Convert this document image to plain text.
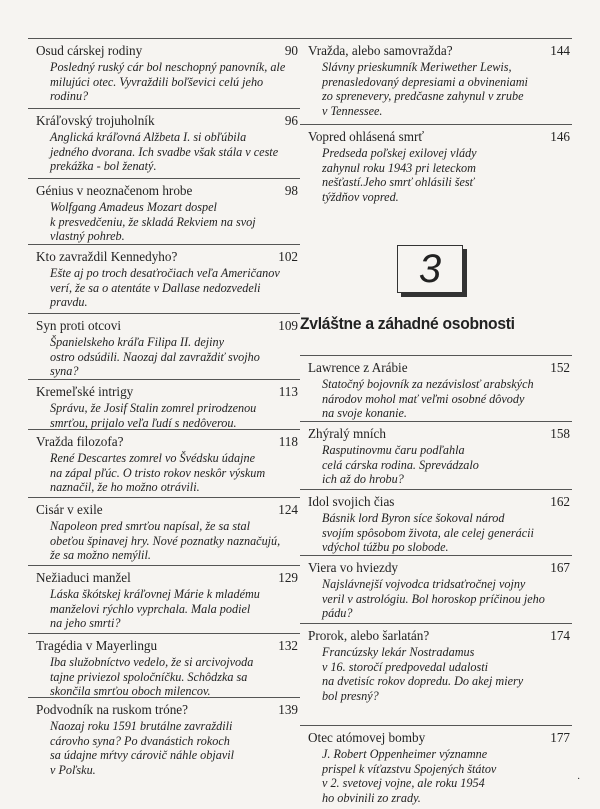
Osud cárskej rodiny	90
Posledný ruský cár bol neschopný panovník, ale
milujúci otec. Vyvraždili boľševici celú jeho
rodinu?
Kráľovský trojuholník	96
Anglická kráľovná Alžbeta I. si obľúbila
jedného dvorana. Ich svadbe však stála v ceste
prekážka - bol ženatý.
Génius v neoznačenom hrobe	98
Wolfgang Amadeus Mozart dospel
k presvedčeniu, že skladá Rekviem na svoj
vlastný pohreb.
Kto zavraždil Kennedyho?	102
Ešte aj po troch desaťročiach veľa Američanov
verí, že sa o atentáte v Dallase nedozvedeli
pravdu.
Syn proti otcovi	109
Španielskeho kráľa Filipa II. dejiny
ostro odsúdili. Naozaj dal zavraždiť svojho
syna?
Kremeľské intrigy	113
Správu, že Josif Stalin zomrel prirodzenou
smrťou, prijalo veľa ľudí s nedôverou.
Vražda filozofa?	118
René Descartes zomrel vo Švédsku údajne
na zápal pľúc. O tristo rokov neskôr výskum
naznačil, že ho možno otrávili.
Cisár v exile	124
Napoleon pred smrťou napísal, že sa stal
obeťou špinavej hry. Nové poznatky naznačujú,
že sa možno nemýlil.
Nežiaduci manžel	129
Láska škótskej kráľovnej Márie k mladému
manželovi rýchlo vyprchala. Mala podiel
na jeho smrti?
Tragédia v Mayerlingu	132
Iba služobníctvo vedelo, že si arcivojvoda
tajne priviezol spoločníčku. Schôdzka sa
skončila smrťou oboch milencov.
Podvodník na ruskom tróne?	139
Naozaj roku 1591 brutálne zavraždili
cárovho syna? Po dvanástich rokoch
sa údajne mŕtvy cárovič náhle objavil
v Poľsku.
Vražda, alebo samovražda?	144
Slávny prieskumník Meriwether Lewis,
prenasledovaný depresiami a obvineniami
zo sprenevery, predčasne zahynul v zrube
v Tennessee.
Vopred ohlásená smrť	146
Predseda poľskej exilovej vlády
zahynul roku 1943 pri leteckom
nešťastí.Jeho smrť ohlásili šesť
týždňov vopred.
3
Zvláštne a záhadné osobnosti
Lawrence z Arábie	152
Statočný bojovník za nezávislosť arabských
národov mohol mať veľmi osobné dôvody
na svoje konanie.
Zhýralý mních	158
Rasputinovmu čaru podľahla
celá cárska rodina. Sprevádzalo
ich až do hrobu?
Idol svojich čias	162
Básnik lord Byron síce šokoval národ
svojím spôsobom života, ale celej generácii
vdýchol túžbu po slobode.
Viera vo hviezdy	167
Najslávnejší vojvodca tridsaťročnej vojny
veril v astrológiu. Bol horoskop príčinou jeho
pádu?
Prorok, alebo šarlatán?	174
Francúzsky lekár Nostradamus
v 16. storočí predpovedal udalosti
na dvetisíc rokov dopredu. Do akej miery
bol presný?
Otec atómovej bomby	177
J. Robert Oppenheimer významne
prispel k víťazstvu Spojených štátov
v 2. svetovej vojne, ale roku 1954
ho obvinili zo zrady.
·
